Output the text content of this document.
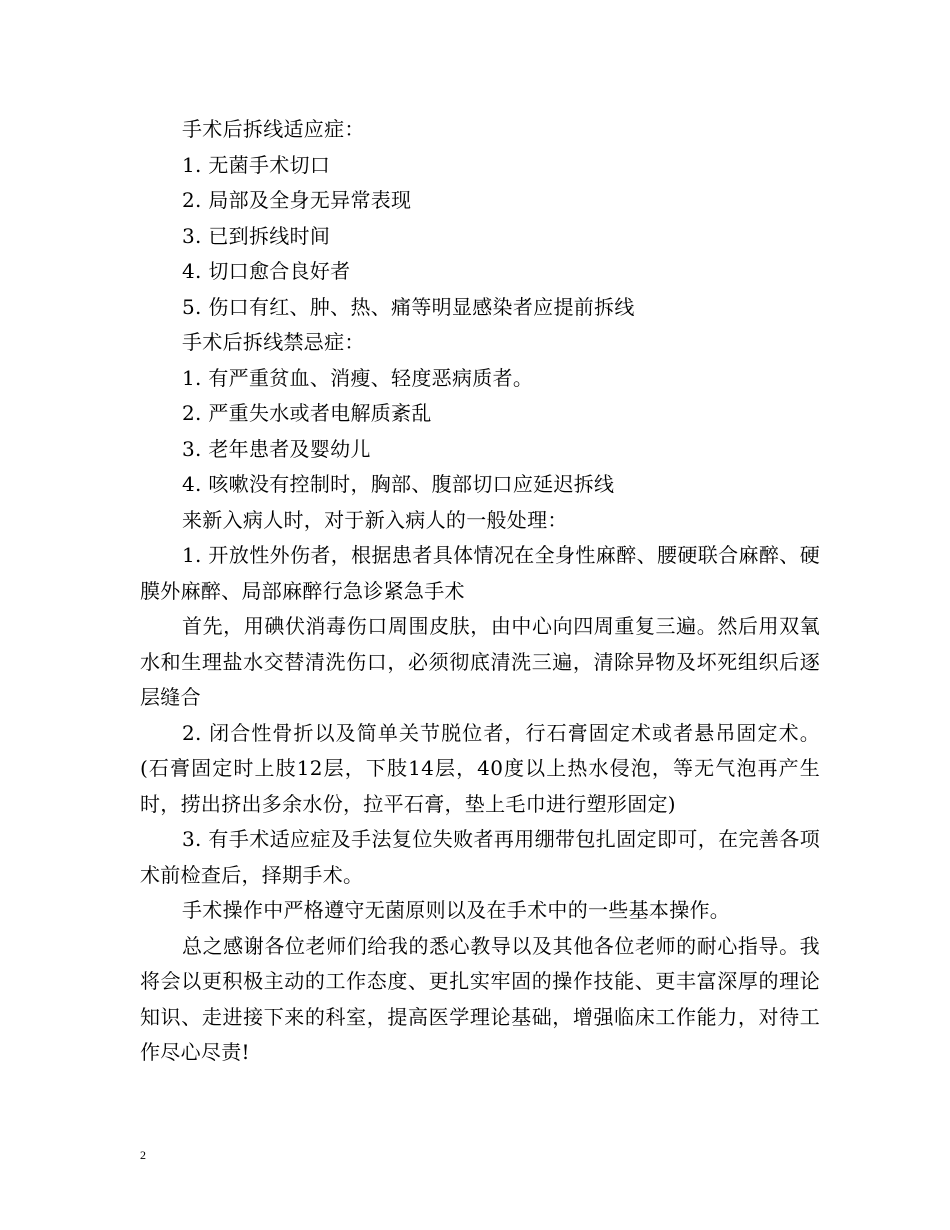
手术后拆线适应症：

1. 无菌手术切口

2. 局部及全身无异常表现

3. 已到拆线时间

4. 切口愈合良好者

5. 伤口有红、肿、热、痛等明显感染者应提前拆线

手术后拆线禁忌症：

1. 有严重贫血、消瘦、轻度恶病质者。

2. 严重失水或者电解质紊乱

3. 老年患者及婴幼儿

4. 咳嗽没有控制时，胸部、腹部切口应延迟拆线

来新入病人时，对于新入病人的一般处理：

1. 开放性外伤者，根据患者具体情况在全身性麻醉、腰硬联合麻醉、硬膜外麻醉、局部麻醉行急诊紧急手术

首先，用碘伏消毒伤口周围皮肤，由中心向四周重复三遍。然后用双氧水和生理盐水交替清洗伤口，必须彻底清洗三遍，清除异物及坏死组织后逐层缝合

2. 闭合性骨折以及简单关节脱位者，行石膏固定术或者悬吊固定术。(石膏固定时上肢12层，下肢14层，40度以上热水侵泡，等无气泡再产生时，捞出挤出多余水份，拉平石膏，垫上毛巾进行塑形固定)

3. 有手术适应症及手法复位失败者再用绷带包扎固定即可，在完善各项术前检查后，择期手术。

手术操作中严格遵守无菌原则以及在手术中的一些基本操作。

总之感谢各位老师们给我的悉心教导以及其他各位老师的耐心指导。我将会以更积极主动的工作态度、更扎实牢固的操作技能、更丰富深厚的理论知识、走进接下来的科室，提高医学理论基础，增强临床工作能力，对待工作尽心尽责!

2
